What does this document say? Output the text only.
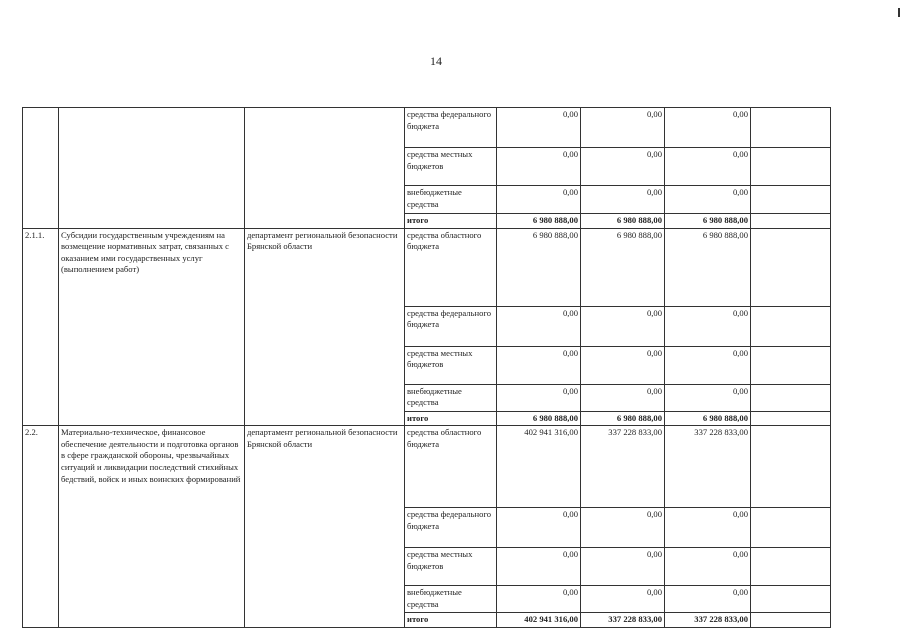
14
			средства федерального бюджета	0,00	0,00	0,00	
			средства местных бюджетов	0,00	0,00	0,00	
			внебюджетные средства	0,00	0,00	0,00	
			итого	6 980 888,00	6 980 888,00	6 980 888,00	
2.1.1.	Субсидии государственным учреждениям на возмещение нормативных затрат, связанных с оказанием ими государственных услуг (выполнением работ)	департамент региональной безопасности Брянской области	средства областного бюджета	6 980 888,00	6 980 888,00	6 980 888,00	
			средства федерального бюджета	0,00	0,00	0,00	
			средства местных бюджетов	0,00	0,00	0,00	
			внебюджетные средства	0,00	0,00	0,00	
			итого	6 980 888,00	6 980 888,00	6 980 888,00	
2.2.	Материально-техническое, финансовое обеспечение деятельности и подготовка органов в сфере гражданской обороны, чрезвычайных ситуаций и ликвидации последствий стихийных бедствий, войск и иных воинских формирований	департамент региональной безопасности Брянской области	средства областного бюджета	402 941 316,00	337 228 833,00	337 228 833,00	
			средства федерального бюджета	0,00	0,00	0,00	
			средства местных бюджетов	0,00	0,00	0,00	
			внебюджетные средства	0,00	0,00	0,00	
			итого	402 941 316,00	337 228 833,00	337 228 833,00	
